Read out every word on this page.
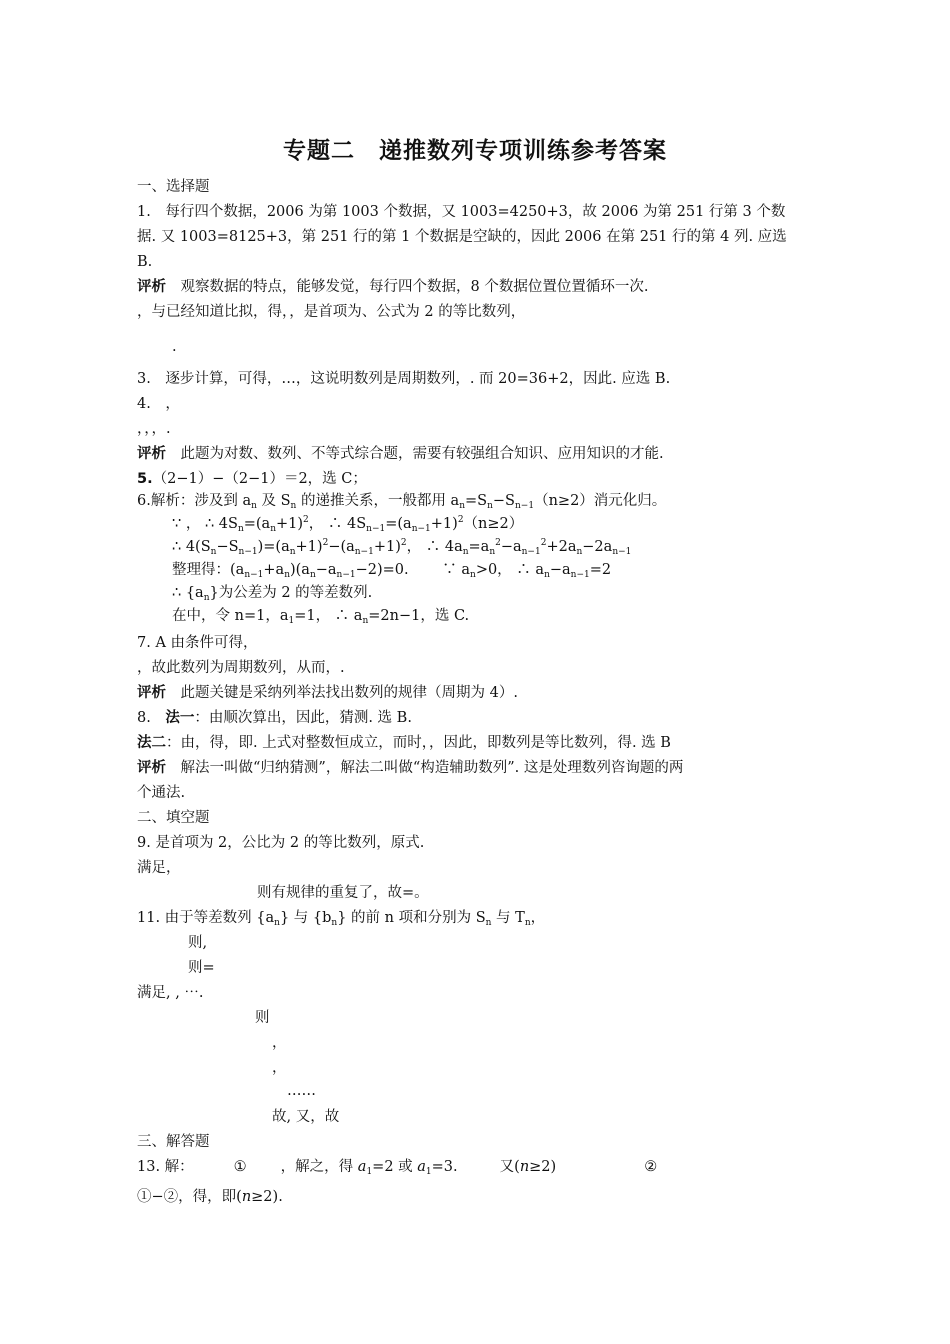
专题二　递推数列专项训练参考答案
一、选择题
1.　每行四个数据，2006 为第 1003 个数据，又 1003=4250+3，故 2006 为第 251 行第 3 个数
据. 又 1003=8125+3，第 251 行的第 1 个数据是空缺的，因此 2006 在第 251 行的第 4 列. 应选
B.
评析　观察数据的特点，能够发觉，每行四个数据，8 个数据位置位置循环一次.
，与已经知道比拟，得，，是首项为、公式为 2 的等比数列，
.
3.　逐步计算，可得，…，这说明数列是周期数列，. 而 20=36+2，因此. 应选 B.
4.　，
，，，.
评析　此题为对数、数列、不等式综合题，需要有较强组合知识、应用知识的才能.
5.（2−1）−（2−1）＝2，选 C；
6.解析：涉及到 $a_n$ 及 $S_n$ 的递推关系，一般都用 $a_n=S_n-S_{n-1}(n\ge 2)$消元化归。
∵ ， ∴ $4S_n=(a_n+1)^2$， ∴ $4S_{n-1}=(a_{n-1}+1)^2(n\ge 2)$
∴ $4(S_n-S_{n-1})=(a_n+1)^2-(a_{n-1}+1)^2$， ∴ $4a_n=a_n^2-a_{n-1}^2+2a_n-2a_{n-1}$
整理得：$(a_{n-1}+a_n)(a_n-a_{n-1}-2)=0$.　　 ∵ $a_n>0$， ∴ $a_n-a_{n-1}=2$
∴ $\{a_n\}$为公差为 2 的等差数列.
在中，令 n=1，$a_1=1$， ∴ $a_n=2n-1$，选 C.
7. A 由条件可得，
，故此数列为周期数列，从而，.
评析　此题关键是采纳列举法找出数列的规律（周期为 4）.
8.　法一：由顺次算出，因此，猜测. 选 B.
法二：由，得，即. 上式对整数恒成立，而时，，因此，即数列是等比数列，得. 选 B
评析　解法一叫做“归纳猜测”，解法二叫做“构造辅助数列”. 这是处理数列咨询题的两
个通法.
二、填空题
9. 是首项为 2，公比为 2 的等比数列，原式.
满足，
则有规律的重复了，故=。
11. 由于等差数列 $\{a_n\}$ 与 $\{b_n\}$ 的前 n 项和分别为 $S_n$ 与 $T_n$，
则,
则=
满足, , ⋯.
则
，
，
……
故, 又，故
三、解答题
13. 解：	① ，解之，得 $a_1=2$ 或 $a_1=3$.	又(n≥2)	②
①−②，得，即(n≥2).
